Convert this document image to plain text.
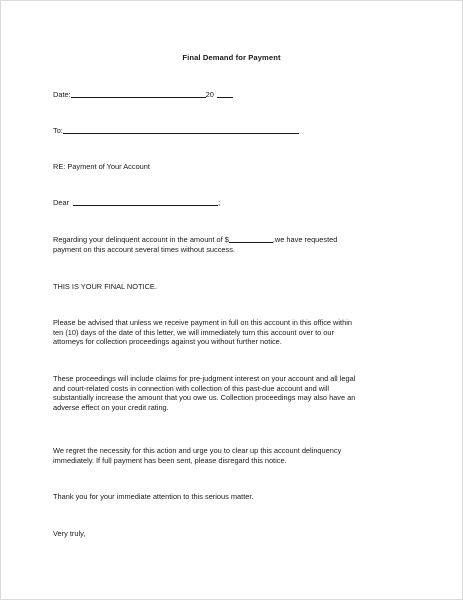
Final Demand for Payment
Date:	20
To:
RE: Payment of Your Account
Dear	;
Regarding your delinquent account in the amount of $	,we have requested
payment on this account several times without success.
THIS IS YOUR FINAL NOTICE.
Please be advised that unless we receive payment in full on this account in this office within
ten (10) days of the date of this letter, we will immediately turn this account over to our
attorneys for collection proceedings against you without further notice.
These proceedings will include claims for pre-judgment interest on your account and all legal
and court-related costs in connection with collection of this past-due account and will
substantially increase the amount that you owe us. Collection proceedings may also have an
adverse effect on your credit rating.
We regret the necessity for this action and urge you to clear up this account delinquency
immediately. If full payment has been sent, please disregard this notice.
Thank you for your immediate attention to this serious matter.
Very truly,
